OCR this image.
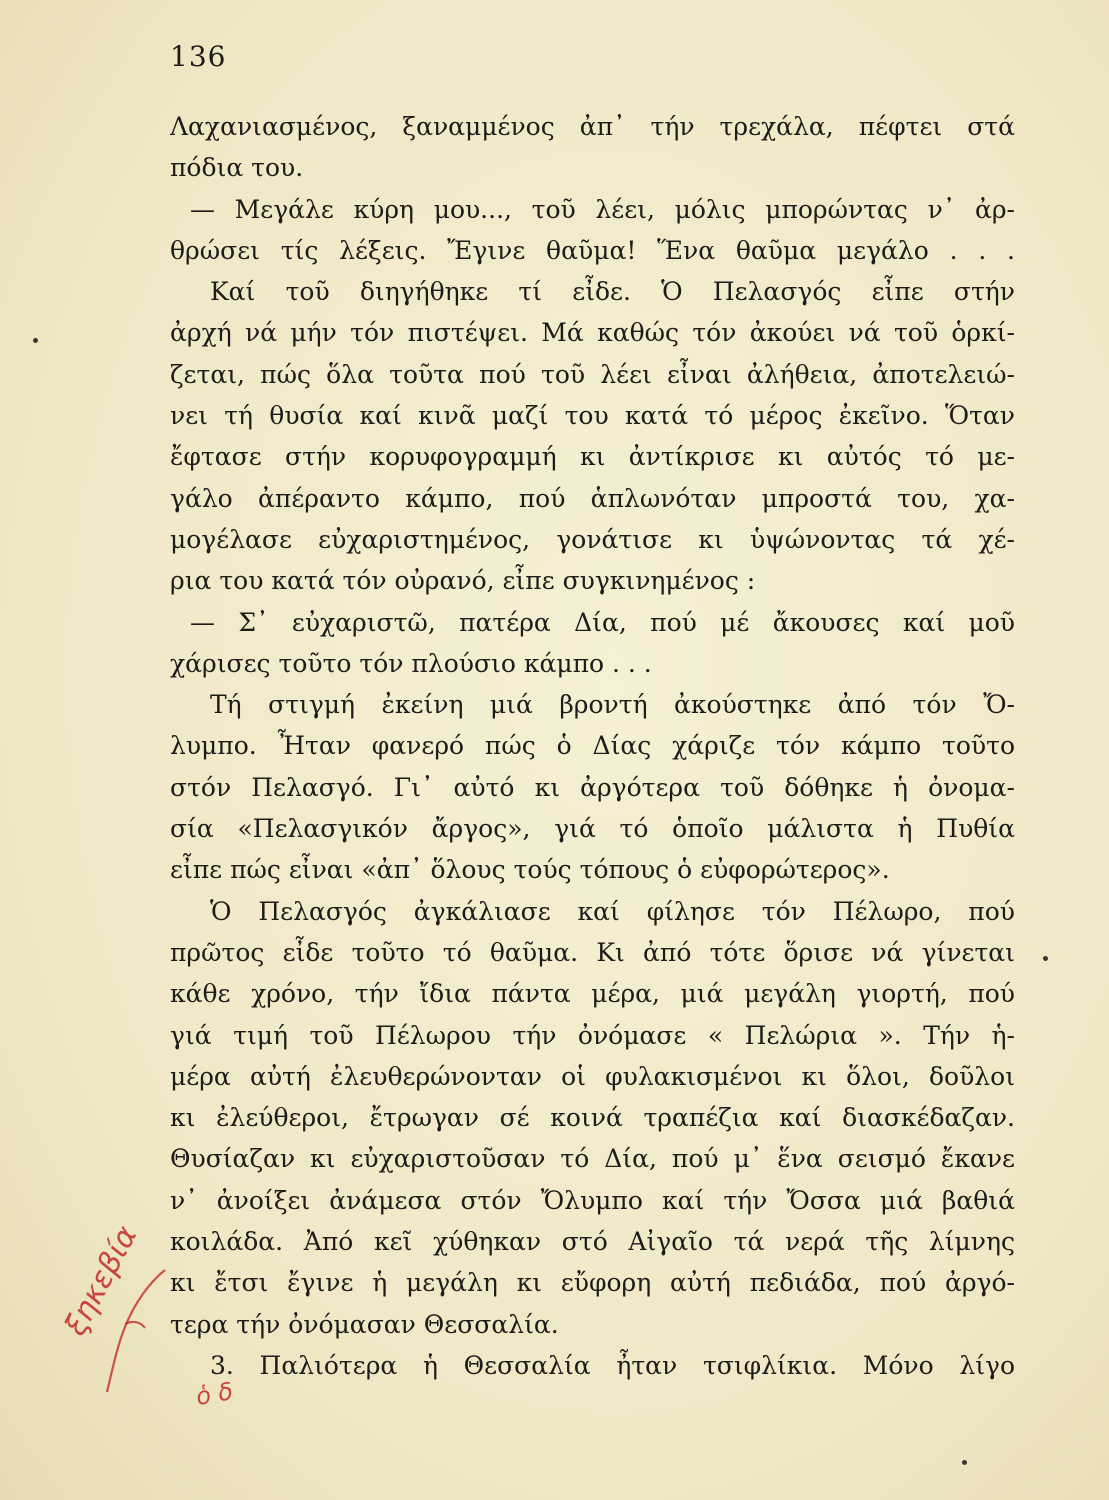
136
Λαχανιασμένος, ξαναμμένος ἀπ᾽ τήν τρεχάλα, πέφτει στά
πόδια του.
— Μεγάλε κύρη μου..., τοῦ λέει, μόλις μπορώντας ν᾽ ἀρ-
θρώσει τίς λέξεις. Ἔγινε θαῦμα! Ἕνα θαῦμα μεγάλο . . .
Καί τοῦ διηγήθηκε τί εἶδε. Ὁ Πελασγός εἶπε στήν
ἀρχή νά μήν τόν πιστέψει. Μά καθώς τόν ἀκούει νά τοῦ ὁρκί-
ζεται, πώς ὅλα τοῦτα πού τοῦ λέει εἶναι ἀλήθεια, ἀποτελειώ-
νει τή θυσία καί κινᾶ μαζί του κατά τό μέρος ἐκεῖνο. Ὅταν
ἔφτασε στήν κορυφογραμμή κι ἀντίκρισε κι αὐτός τό με-
γάλο ἀπέραντο κάμπο, πού ἁπλωνόταν μπροστά του, χα-
μογέλασε εὐχαριστημένος, γονάτισε κι ὑψώνοντας τά χέ-
ρια του κατά τόν οὐρανό, εἶπε συγκινημένος :
— Σ᾽ εὐχαριστῶ, πατέρα Δία, πού μέ ἄκουσες καί μοῦ
χάρισες τοῦτο τόν πλούσιο κάμπο . . .
Τή στιγμή ἐκείνη μιά βροντή ἀκούστηκε ἀπό τόν Ὄ-
λυμπο. Ἦταν φανερό πώς ὁ Δίας χάριζε τόν κάμπο τοῦτο
στόν Πελασγό. Γι᾽ αὐτό κι ἀργότερα τοῦ δόθηκε ἡ ὀνομα-
σία «Πελασγικόν ἄργος», γιά τό ὁποῖο μάλιστα ἡ Πυθία
εἶπε πώς εἶναι «ἀπ᾽ ὅλους τούς τόπους ὁ εὐφορώτερος».
Ὁ Πελασγός ἀγκάλιασε καί φίλησε τόν Πέλωρο, πού
πρῶτος εἶδε τοῦτο τό θαῦμα. Κι ἀπό τότε ὅρισε νά γίνεται
κάθε χρόνο, τήν ἴδια πάντα μέρα, μιά μεγάλη γιορτή, πού
γιά τιμή τοῦ Πέλωρου τήν ὀνόμασε « Πελώρια ». Τήν ἡ-
μέρα αὐτή ἐλευθερώνονταν οἱ φυλακισμένοι κι ὅλοι, δοῦλοι
κι ἐλεύθεροι, ἔτρωγαν σέ κοινά τραπέζια καί διασκέδαζαν.
Θυσίαζαν κι εὐχαριστοῦσαν τό Δία, πού μ᾽ ἕνα σεισμό ἔκανε
ν᾽ ἀνοίξει ἀνάμεσα στόν Ὄλυμπο καί τήν Ὄσσα μιά βαθιά
κοιλάδα. Ἀπό κεῖ χύθηκαν στό Αἰγαῖο τά νερά τῆς λίμνης
κι ἔτσι ἔγινε ἡ μεγάλη κι εὔφορη αὐτή πεδιάδα, πού ἀργό-
τερα τήν ὀνόμασαν Θεσσαλία.
3. Παλιότερα ἡ Θεσσαλία ἦταν τσιφλίκια. Μόνο λίγο
ξηκεβία
ὁ δ
